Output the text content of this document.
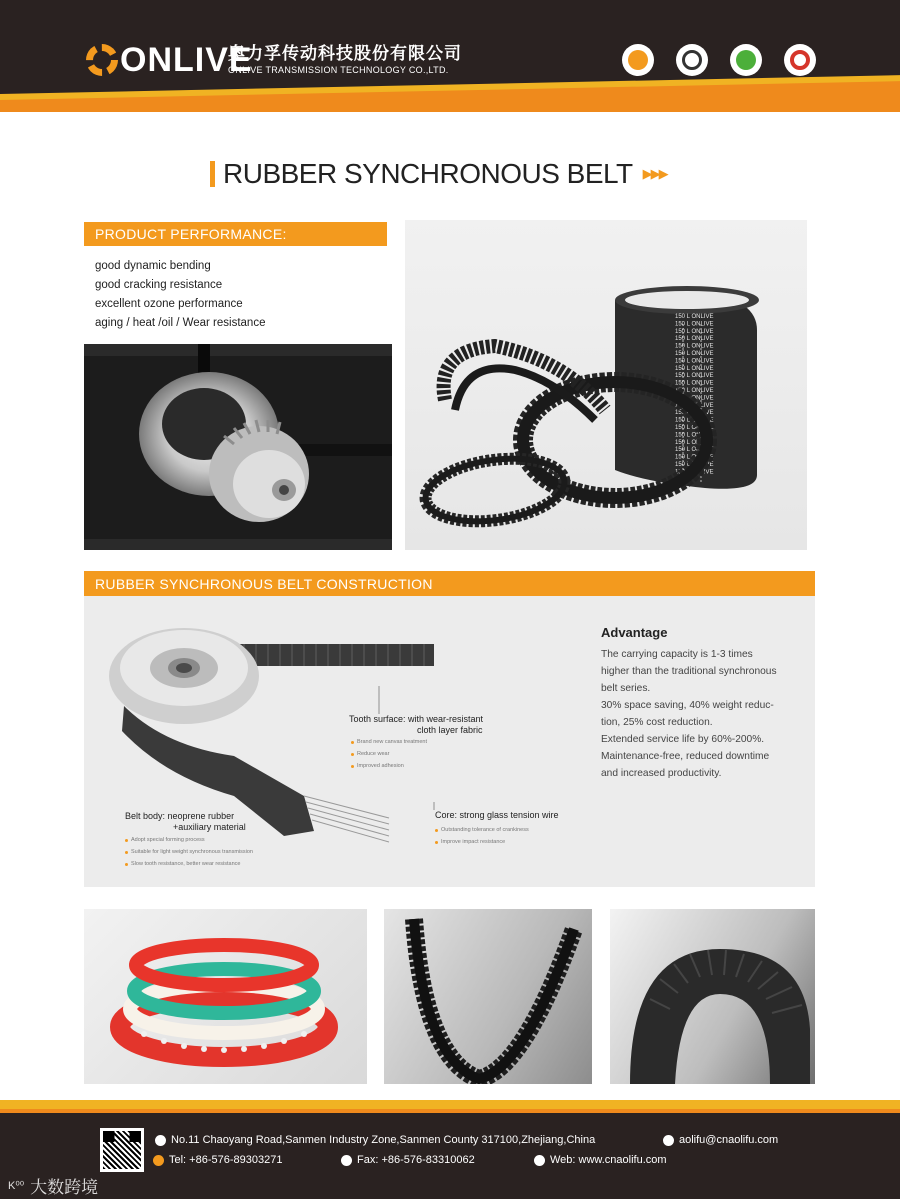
ONLIVE
奥力孚传动科技股份有限公司
ONLIVE TRANSMISSION TECHNOLOGY CO.,LTD.
RUBBER SYNCHRONOUS BELT ▶▶▶
PRODUCT PERFORMANCE:
good dynamic bending
good cracking resistance
excellent ozone performance
aging / heat /oil / Wear resistance	150 L ONLIVE
150 L ONLIVE
150 L ONLIVE
150 L ONLIVE
150 L ONLIVE
150 L ONLIVE
150 L ONLIVE
150 L ONLIVE
150 L ONLIVE
150 L ONLIVE
150 L ONLIVE
150 L ONLIVE
150 L ONLIVE
150 L ONLIVE
150 L ONLIVE
150 L ONLIVE
150 L ONLIVE
150 L ONLIVE
150 L ONLIVE
150 L ONLIVE
150 L ONLIVE
150 L ONLIVE
RUBBER SYNCHRONOUS BELT CONSTRUCTION
Tooth surface: with wear-resistant
cloth layer fabric
Brand new canvas treatment
Reduce wear
Improved adhesion
Belt body: neoprene rubber
+auxiliary material
Adopt special forming process
Suitable for light weight synchronous transmission
Slow tooth resistance, better wear resistance
Core: strong glass tension wire
Outstanding tolerance of crankiness
Improve impact resistance
Advantage
The carrying capacity is 1-3 times
higher than the traditional synchronous
belt series.
30% space saving, 40% weight reduc-
tion, 25% cost reduction.
Extended service life by 60%-200%.
Maintenance-free, reduced downtime
and increased productivity.
No.11 Chaoyang Road,Sanmen Industry Zone,Sanmen County 317100,Zhejiang,China	aolifu@cnaolifu.com
Tel: +86-576-89303271	Fax: +86-576-83310062	Web: www.cnaolifu.com
K⁰⁰ 大数跨境
